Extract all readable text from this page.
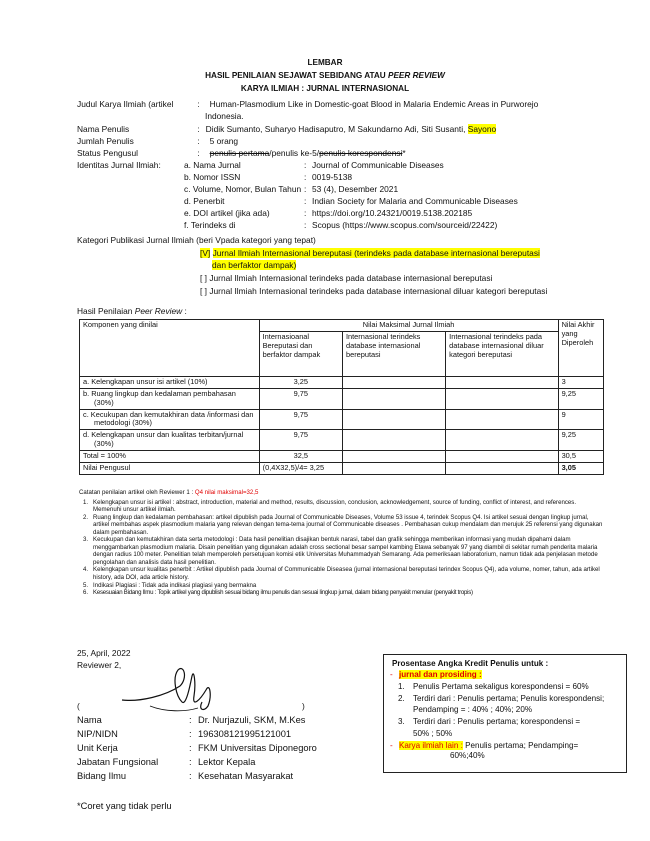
LEMBAR
HASIL PENILAIAN SEJAWAT SEBIDANG ATAU PEER REVIEW
KARYA ILMIAH : JURNAL INTERNASIONAL
Judul Karya Ilmiah (artikel	: Human-Plasmodium Like in Domestic-goat Blood in Malaria Endemic Areas in Purworejo
Indonesia.
Nama Penulis	: Didik Sumanto, Suharyo Hadisaputro, M Sakundarno Adi, Siti Susanti, Sayono
Jumlah Penulis	: 5 orang
Status Pengusul	: penulis pertama/penulis ke-5/penulis korespondensi*
Identitas Jurnal Ilmiah:	a. Nama Jurnal	: Journal of Communicable Diseases
b. Nomor ISSN	: 0019-5138
c. Volume, Nomor, Bulan Tahun : 53 (4), Desember 2021
d. Penerbit	: Indian Society for Malaria and Communicable Diseases
e. DOI artikel (jika ada)	: https://doi.org/10.24321/0019.5138.202185
f. Terindeks di	: Scopus (https://www.scopus.com/sourceid/22422)
Kategori Publikasi Jurnal Ilmiah (beri Vpada kategori yang tepat)
[V] Jurnal Ilmiah Internasional bereputasi (terindeks pada database internasional bereputasi
dan berfaktor dampak)
[ ] Jurnal Ilmiah Internasional terindeks pada database internasional bereputasi
[ ] Jurnal Ilmiah Internasional terindeks pada database internasional diluar kategori bereputasi
Hasil Penilaian Peer Review :
Komponen yang dinilai	Nilai Maksimal Jurnal Ilmiah			Nilai Akhir yang Diperoleh
	Internasioanal Bereputasi dan berfaktor dampak	Internasional terindeks database internasional bereputasi	Internasional terindeks pada database internasional diluar kategori bereputasi	
a. Kelengkapan unsur isi artikel (10%)	3,25			3
b. Ruang lingkup dan kedalaman pembahasan (30%)	9,75			9,25
c. Kecukupan dan kemutakhiran data /informasi dan metodologi (30%)	9,75			9
d. Kelengkapan unsur dan kualitas terbitan/jurnal (30%)	9,75			9,25
Total = 100%	32,5			30,5
Nilai Pengusul	(0,4X32,5)/4= 3,25			3,05
Catatan penilaian artikel oleh Reviewer 1 : Q4 nilai maksimal=32,5
1. Kelengkapan unsur isi artikel : abstract, introduction, material and method, results, discussion, conclusion, acknowledgement, source of funding, conflict of interest, and references. Memenuhi unsur artikel ilmiah.
2. Ruang lingkup dan kedalaman pembahasan: artikel dipublish pada Journal of Communicable Diseases, Volume 53 issue 4, terindek Scopus Q4. Isi artikel sesuai dengan lingkup jurnal, artikel membahas aspek plasmodium malaria yang relevan dengan tema-tema journal of Communicable diseases . Pembahasan cukup mendalam dan merujuk 25 referensi yang digunakan dalam pembahasan.
3. Kecukupan dan kemutakhiran data serta metodologi : Data hasil penelitian disajikan bentuk narasi, tabel dan grafik sehingga memberikan informasi yang mudah dipahami dalam menggambarkan plasmodium malaria. Disain penelitian yang digunakan adalah cross sectional besar sampel kambing Etawa sebanyak 97 yang diambil di sekitar rumah penderita malaria dengan radius 100 meter. Penelitian telah memperoleh persetujuan komisi etik Universitas Muhammadyah Semarang. Ada pemeriksaan laboratorium, namun tidak ada penjelasan metode pengolahan dan analisis data hasil penelitian.
4. Kelengkapan unsur kualitas penerbit : Artikel dipublish pada Journal of Communicable Diseasea (jurnal internasional bereputasi terindex Scopus Q4), ada volume, nomer, tahun, ada artikel history, ada DOI, ada article history.
5. Indikasi Plagiasi : Tidak ada indikasi plagiasi yang bermakna
6. Kesesuaian Bidang Ilmu : Topik artikel yang dipublish sesuai bidang ilmu penulis dan sesuai lingkup jurnal, dalam bidang penyakit menular (penyakit tropis)
25, April, 2022
Reviewer 2,
(	)
Nama	: Dr. Nurjazuli, SKM, M.Kes
NIP/NIDN	: 196308121995121001
Unit Kerja	: FKM Universitas Diponegoro
Jabatan Fungsional	: Lektor Kepala
Bidang Ilmu	: Kesehatan Masyarakat
*Coret yang tidak perlu
Prosentase Angka Kredit Penulis untuk :
- jurnal dan prosiding :
1.	Penulis Pertama sekaligus korespondensi = 60%
2.	Terdiri dari : Penulis pertama; Penulis korespondensi;
Pendamping = : 40% ; 40%; 20%
3.	Terdiri dari : Penulis pertama; korespondensi =
50% ; 50%
- Karya ilmiah lain : Penulis pertama; Pendamping=
60%;40%
